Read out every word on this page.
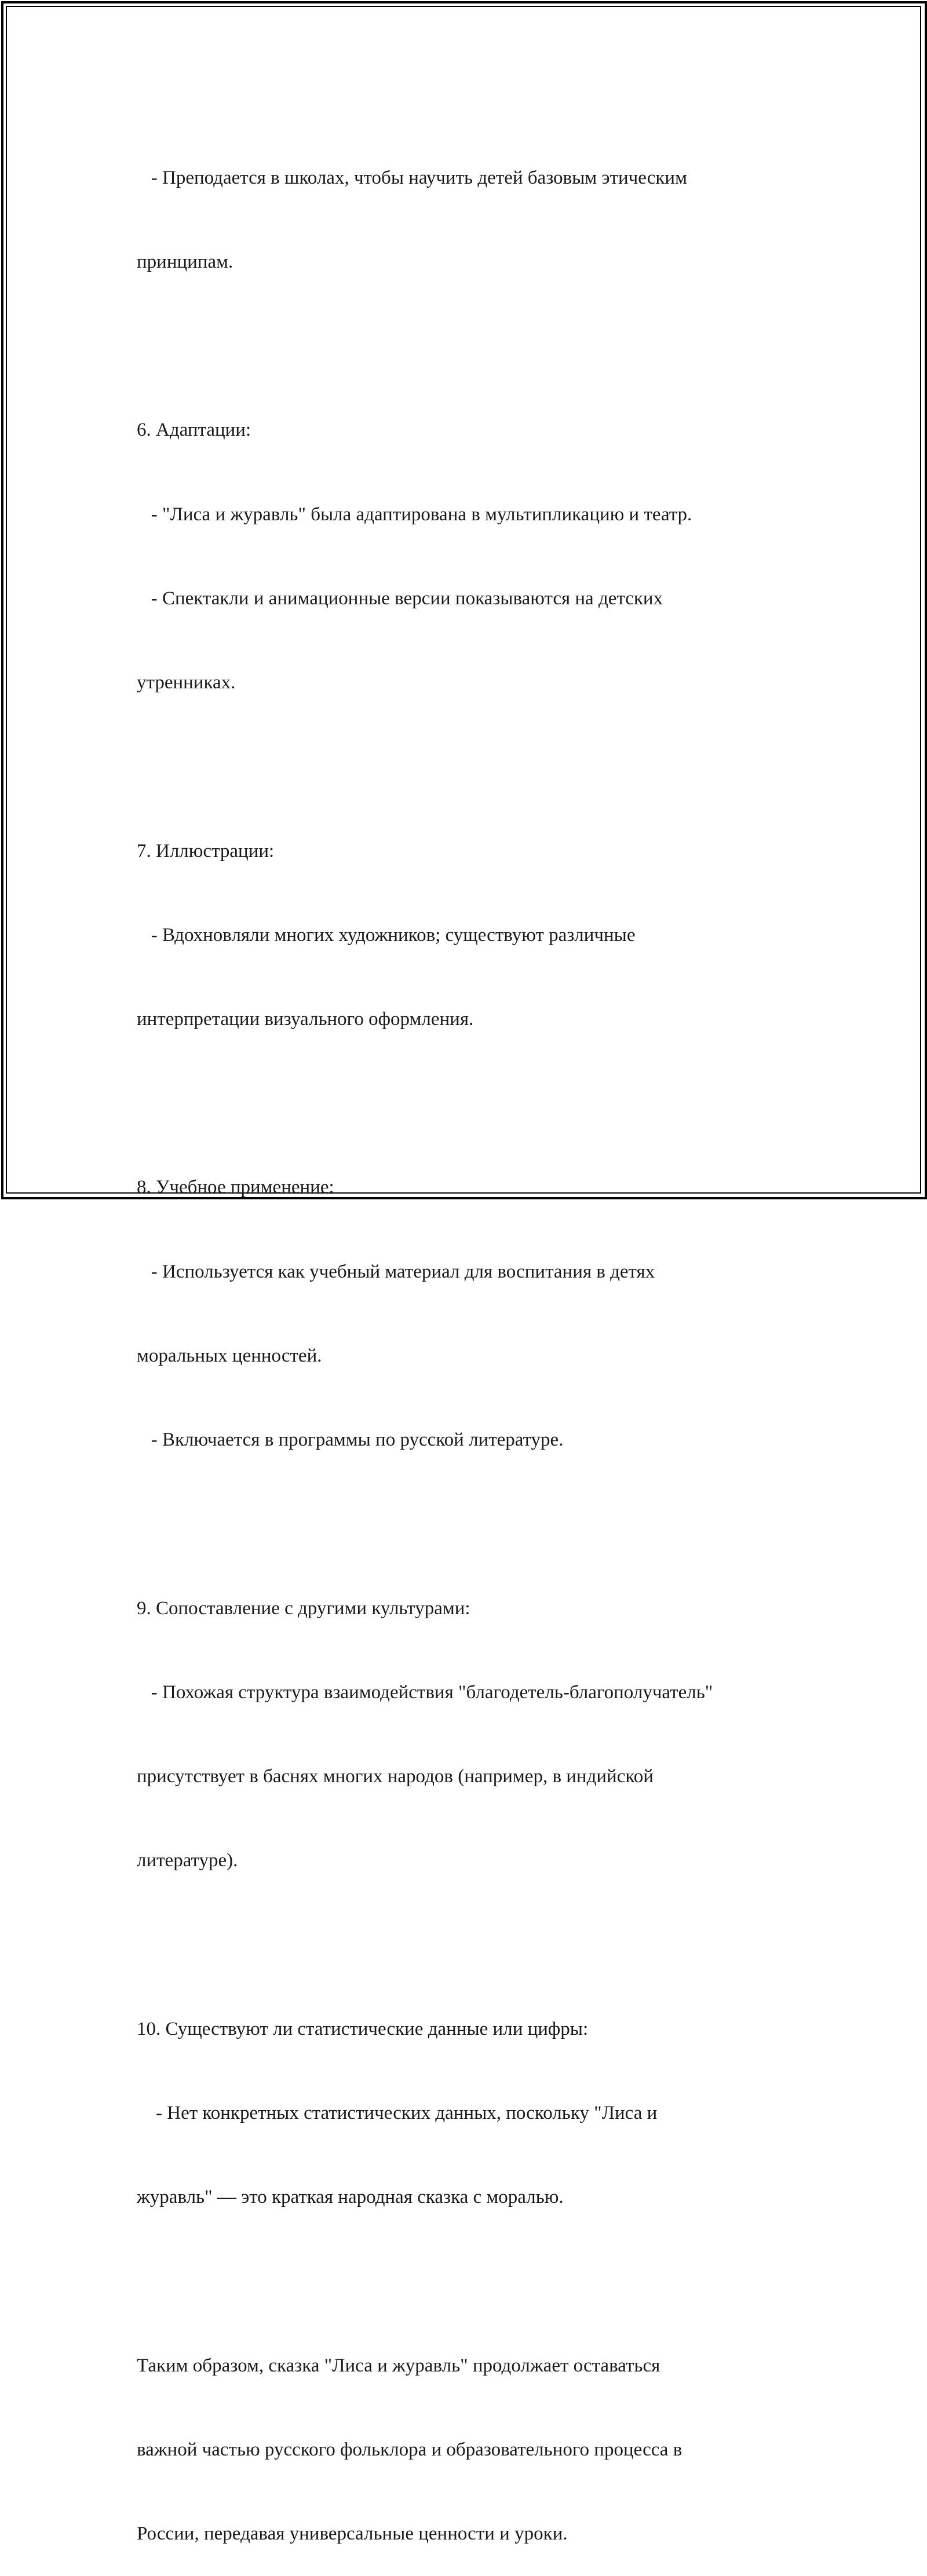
- Преподается в школах, чтобы научить детей базовым этическим

принципам.

6. Адаптации:

- "Лиса и журавль" была адаптирована в мультипликацию и театр.

- Спектакли и анимационные версии показываются на детских

утренниках.

7. Иллюстрации:

- Вдохновляли многих художников; существуют различные

интерпретации визуального оформления.

8. Учебное применение:

- Используется как учебный материал для воспитания в детях

моральных ценностей.

- Включается в программы по русской литературе.

9. Сопоставление с другими культурами:

- Похожая структура взаимодействия "благодетель-благополучатель"

присутствует в баснях многих народов (например, в индийской

литературе).

10. Существуют ли статистические данные или цифры:

- Нет конкретных статистических данных, поскольку "Лиса и

журавль" — это краткая народная сказка с моралью.

Таким образом, сказка "Лиса и журавль" продолжает оставаться

важной частью русского фольклора и образовательного процесса в

России, передавая универсальные ценности и уроки.
